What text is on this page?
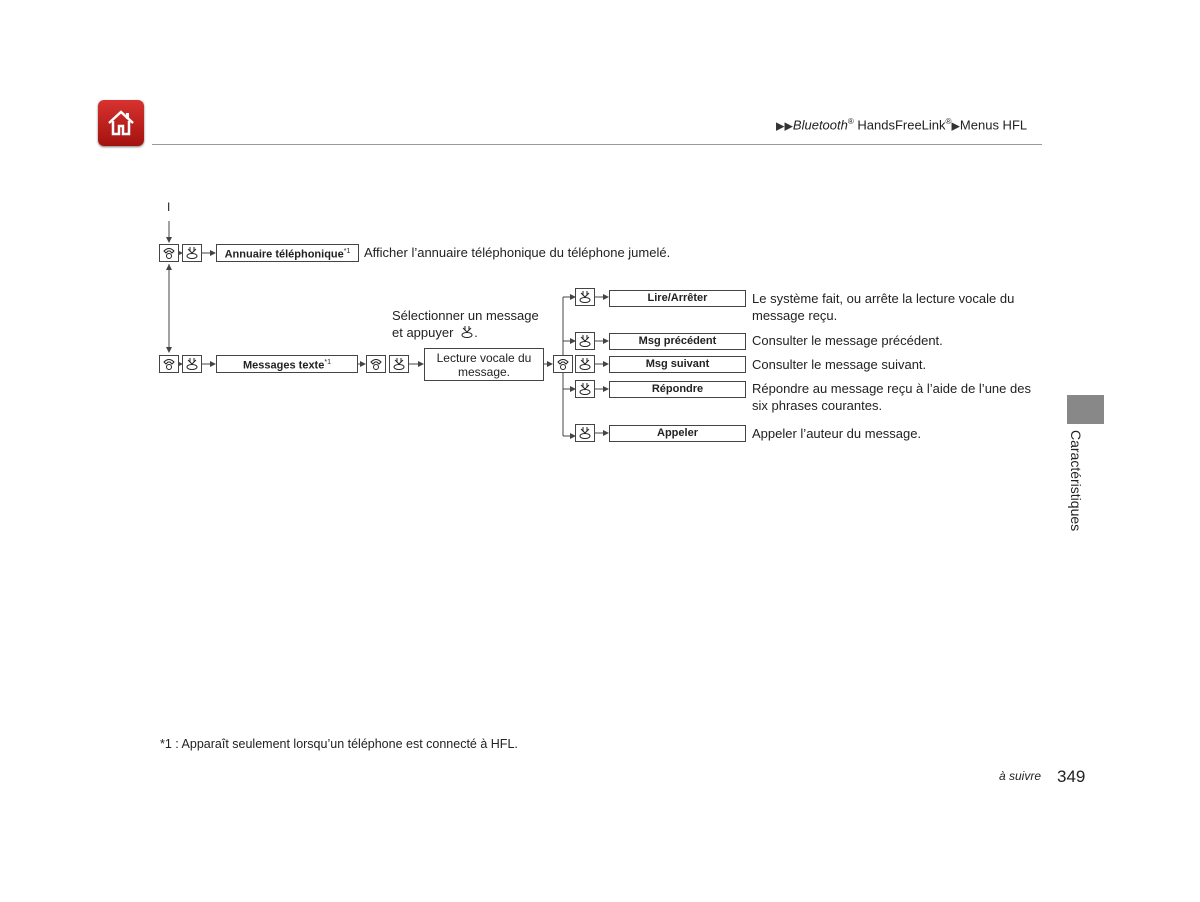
▶▶Bluetooth® HandsFreeLink®▶Menus HFL
Caractéristiques
I
Annuaire téléphonique$^{*1}$	Afficher l’annuaire téléphonique du téléphone jumelé.
Messages texte$^{*1}$
Sélectionner un message
et appuyer .
Lecture vocale du
message.
Lire/Arrêter
Msg précédent
Msg suivant
Répondre
Appeler
Le système fait, ou arrête la lecture vocale du
message reçu.
Consulter le message précédent.
Consulter le message suivant.
Répondre au message reçu à l’aide de l’une des
six phrases courantes.
Appeler l’auteur du message.
*1 : Apparaît seulement lorsqu’un téléphone est connecté à HFL.
à suivre 349
